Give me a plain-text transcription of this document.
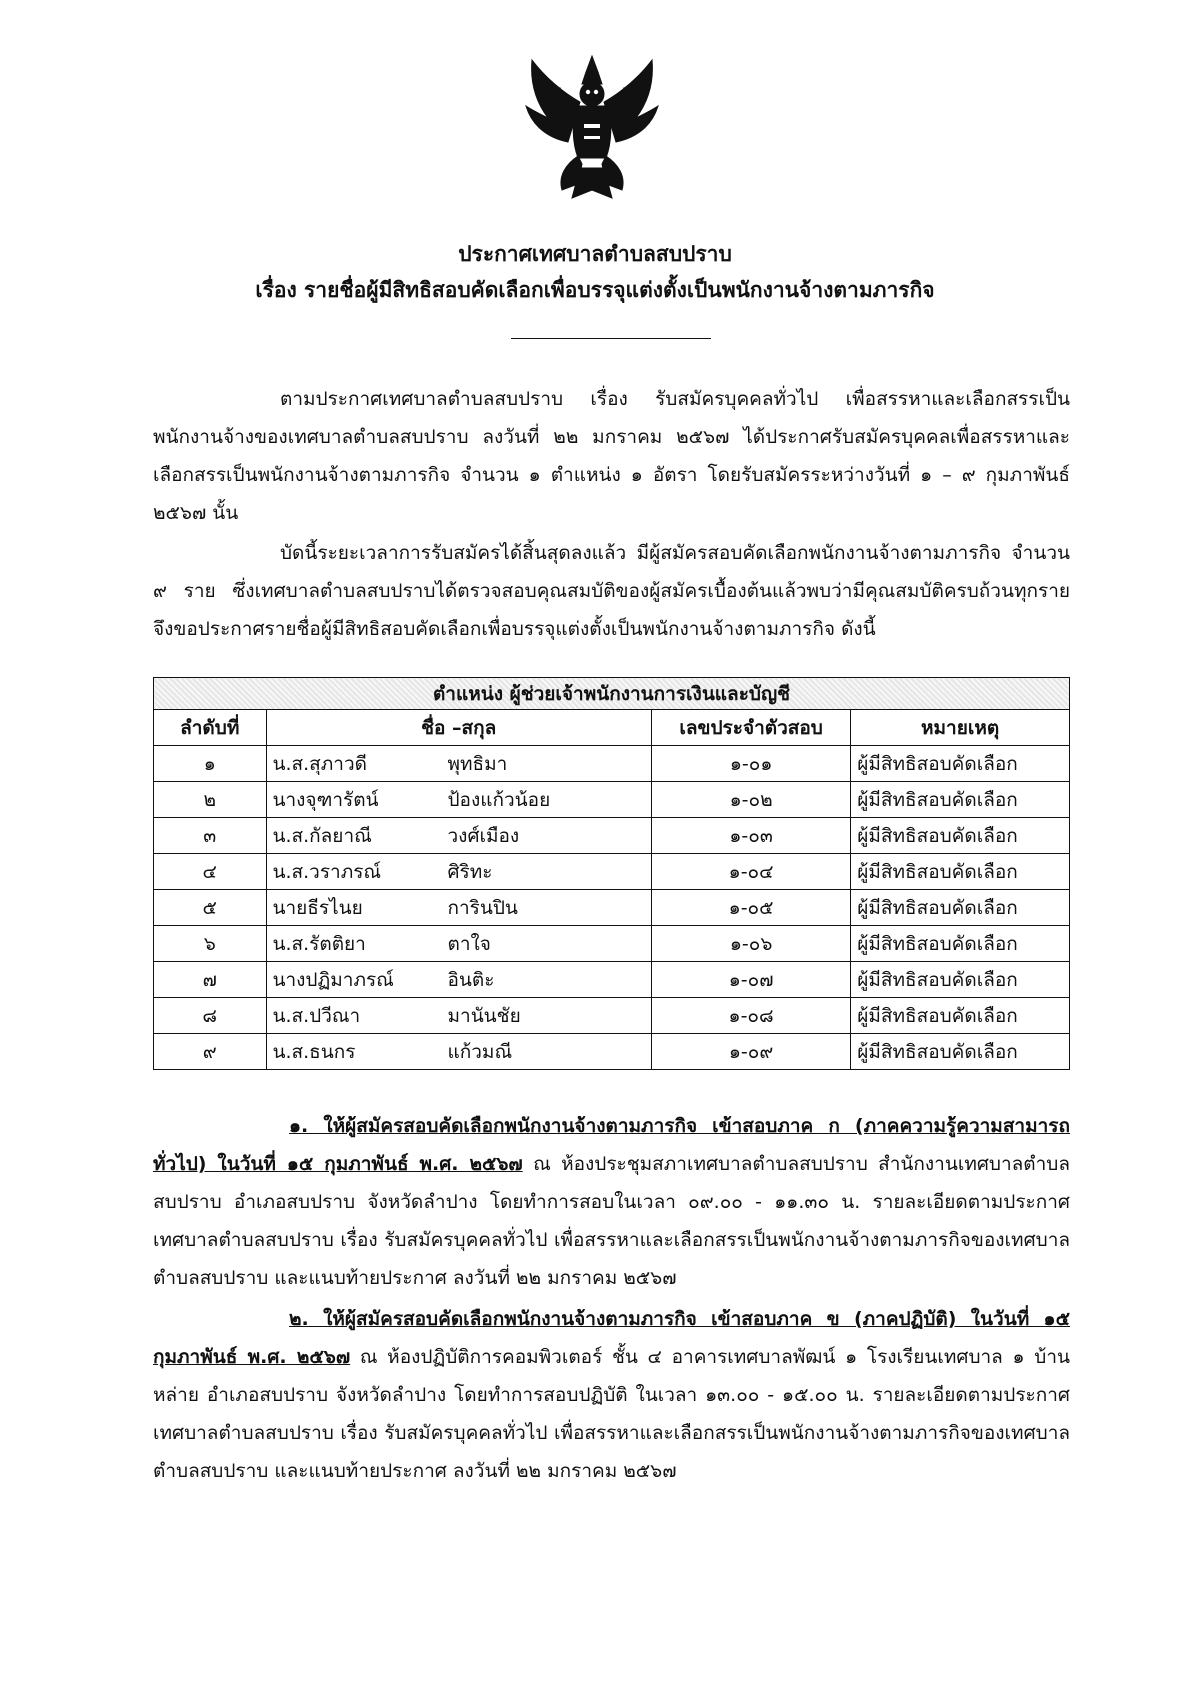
ประกาศเทศบาลตำบลสบปราบ
เรื่อง รายชื่อผู้มีสิทธิสอบคัดเลือกเพื่อบรรจุแต่งตั้งเป็นพนักงานจ้างตามภารกิจ
ตามประกาศเทศบาลตำบลสบปราบ เรื่อง รับสมัครบุคคลทั่วไป เพื่อสรรหาและเลือกสรรเป็นพนักงานจ้างของเทศบาลตำบลสบปราบ ลงวันที่ ๒๒ มกราคม ๒๕๖๗ ได้ประกาศรับสมัครบุคคลเพื่อสรรหาและเลือกสรรเป็นพนักงานจ้างตามภารกิจ จำนวน ๑ ตำแหน่ง ๑ อัตรา โดยรับสมัครระหว่างวันที่ ๑ – ๙ กุมภาพันธ์ ๒๕๖๗ นั้น
บัดนี้ระยะเวลาการรับสมัครได้สิ้นสุดลงแล้ว มีผู้สมัครสอบคัดเลือกพนักงานจ้างตามภารกิจ จำนวน ๙ ราย ซึ่งเทศบาลตำบลสบปราบได้ตรวจสอบคุณสมบัติของผู้สมัครเบื้องต้นแล้วพบว่ามีคุณสมบัติครบถ้วนทุกราย จึงขอประกาศรายชื่อผู้มีสิทธิสอบคัดเลือกเพื่อบรรจุแต่งตั้งเป็นพนักงานจ้างตามภารกิจ ดังนี้
ตำแหน่ง ผู้ช่วยเจ้าพนักงานการเงินและบัญชี			
ลำดับที่	ชื่อ –สกุล	เลขประจำตัวสอบ	หมายเหตุ
๑	น.ส.สุภาวดี พุทธิมา	๑-๐๑	ผู้มีสิทธิสอบคัดเลือก
๒	นางจุฑารัตน์ ป้องแก้วน้อย	๑-๐๒	ผู้มีสิทธิสอบคัดเลือก
๓	น.ส.กัลยาณี วงศ์เมือง	๑-๐๓	ผู้มีสิทธิสอบคัดเลือก
๔	น.ส.วราภรณ์ ศิริทะ	๑-๐๔	ผู้มีสิทธิสอบคัดเลือก
๕	นายธีรไนย การินปิน	๑-๐๕	ผู้มีสิทธิสอบคัดเลือก
๖	น.ส.รัตติยา ตาใจ	๑-๐๖	ผู้มีสิทธิสอบคัดเลือก
๗	นางปฏิมาภรณ์ อินติะ	๑-๐๗	ผู้มีสิทธิสอบคัดเลือก
๘	น.ส.ปวีณา มานันชัย	๑-๐๘	ผู้มีสิทธิสอบคัดเลือก
๙	น.ส.ธนกร แก้วมณี	๑-๐๙	ผู้มีสิทธิสอบคัดเลือก
๑. ให้ผู้สมัครสอบคัดเลือกพนักงานจ้างตามภารกิจ เข้าสอบภาค ก (ภาคความรู้ความสามารถทั่วไป) ในวันที่ ๑๕ กุมภาพันธ์ พ.ศ. ๒๕๖๗ ณ ห้องประชุมสภาเทศบาลตำบลสบปราบ สำนักงานเทศบาลตำบลสบปราบ อำเภอสบปราบ จังหวัดลำปาง โดยทำการสอบในเวลา ๐๙.๐๐ - ๑๑.๓๐ น. รายละเอียดตามประกาศเทศบาลตำบลสบปราบ เรื่อง รับสมัครบุคคลทั่วไป เพื่อสรรหาและเลือกสรรเป็นพนักงานจ้างตามภารกิจของเทศบาลตำบลสบปราบ และแนบท้ายประกาศ ลงวันที่ ๒๒ มกราคม ๒๕๖๗
๒. ให้ผู้สมัครสอบคัดเลือกพนักงานจ้างตามภารกิจ เข้าสอบภาค ข (ภาคปฏิบัติ) ในวันที่ ๑๕ กุมภาพันธ์ พ.ศ. ๒๕๖๗ ณ ห้องปฏิบัติการคอมพิวเตอร์ ชั้น ๔ อาคารเทศบาลพัฒน์ ๑ โรงเรียนเทศบาล ๑ บ้านหล่าย อำเภอสบปราบ จังหวัดลำปาง โดยทำการสอบปฏิบัติ ในเวลา ๑๓.๐๐ - ๑๕.๐๐ น. รายละเอียดตามประกาศเทศบาลตำบลสบปราบ เรื่อง รับสมัครบุคคลทั่วไป เพื่อสรรหาและเลือกสรรเป็นพนักงานจ้างตามภารกิจของเทศบาลตำบลสบปราบ และแนบท้ายประกาศ ลงวันที่ ๒๒ มกราคม ๒๕๖๗
